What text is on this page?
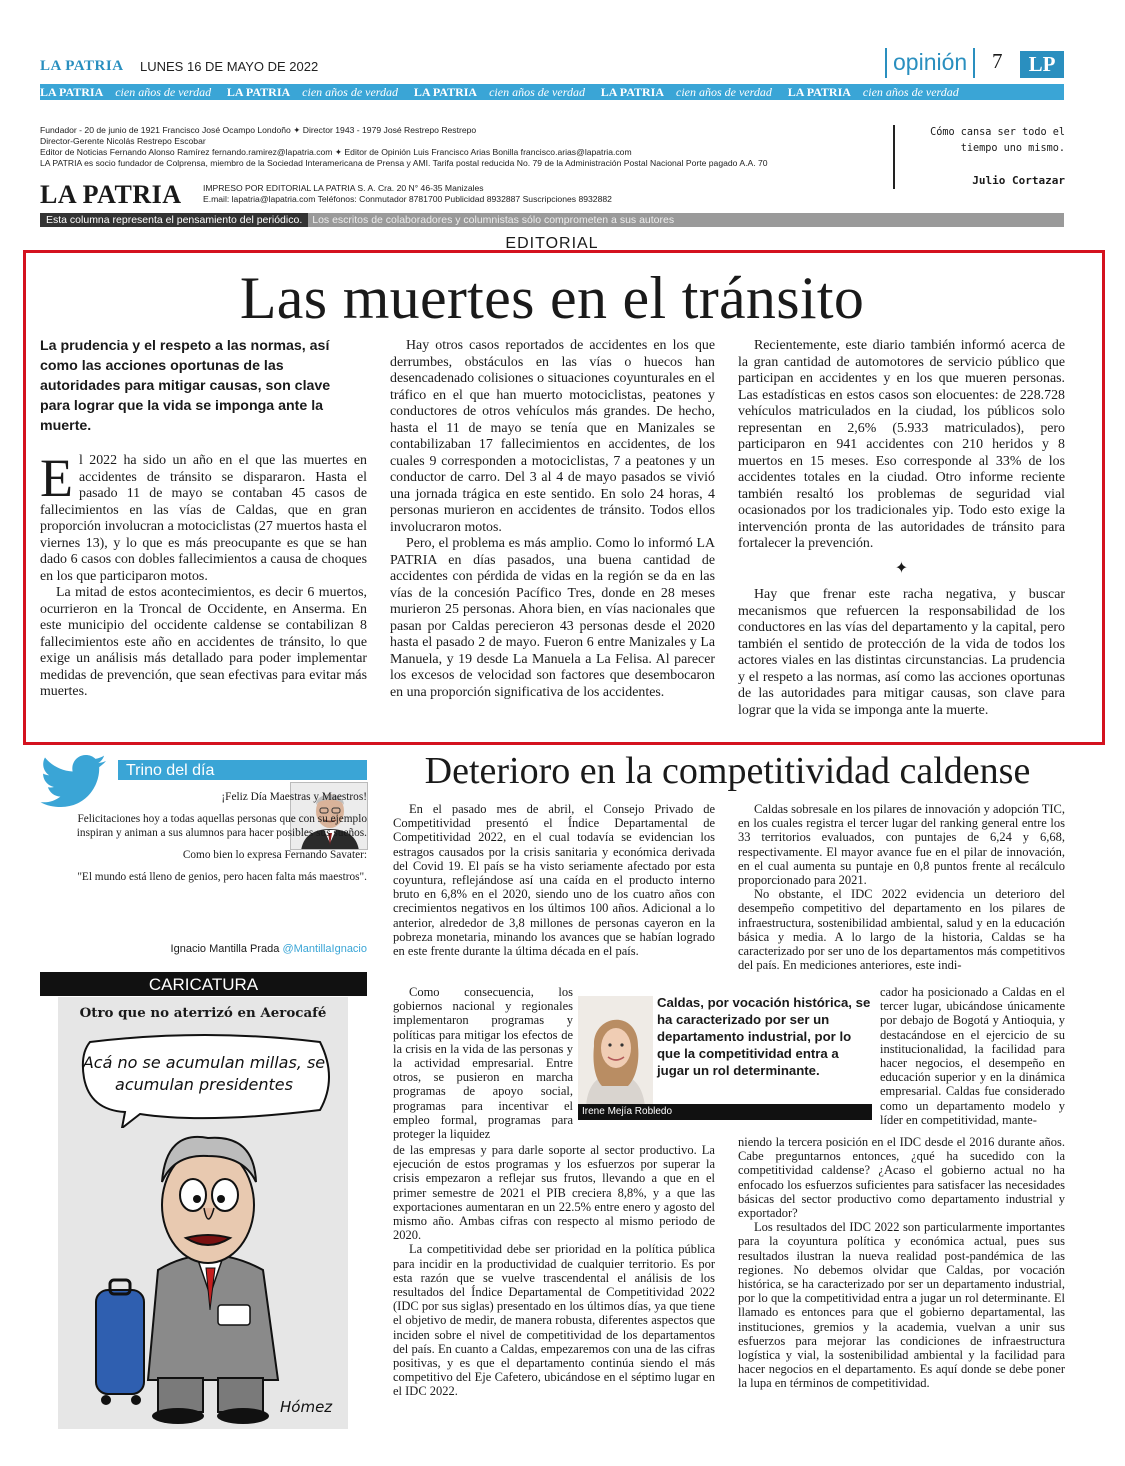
LA PATRIA LUNES 16 DE MAYO DE 2022	opinión	7	LP
LA PATRIA cien años de verdad LA PATRIA cien años de verdad LA PATRIA cien años de verdad LA PATRIA cien años de verdad LA PATRIA cien años de verdad
Fundador - 20 de junio de 1921 Francisco José Ocampo Londoño ✦ Director 1943 - 1979 José Restrepo Restrepo
Director-Gerente Nicolás Restrepo Escobar
Editor de Noticias Fernando Alonso Ramírez fernando.ramirez@lapatria.com ✦ Editor de Opinión Luis Francisco Arias Bonilla francisco.arias@lapatria.com
LA PATRIA es socio fundador de Colprensa, miembro de la Sociedad Interamericana de Prensa y AMI. Tarifa postal reducida No. 79 de la Administración Postal Nacional Porte pagado A.A. 70
LA PATRIA	IMPRESO POR EDITORIAL LA PATRIA S. A. Cra. 20 N° 46-35 Manizales
E.mail: lapatria@lapatria.com Teléfonos: Conmutador 8781700 Publicidad 8932887 Suscripciones 8932882
Cómo cansa ser todo el tiempo uno mismo.
Julio Cortazar
Esta columna representa el pensamiento del periódico. Los escritos de colaboradores y columnistas sólo comprometen a sus autores
EDITORIAL
Las muertes en el tránsito
La prudencia y el respeto a las normas, así como las acciones oportunas de las autoridades para mitigar causas, son clave para lograr que la vida se imponga ante la muerte.

El 2022 ha sido un año en el que las muertes en accidentes de tránsito se dispararon. Hasta el pasado 11 de mayo se contaban 45 casos de fallecimientos en las vías de Caldas, que en gran proporción involucran a motociclistas (27 muertos hasta el viernes 13), y lo que es más preocupante es que se han dado 6 casos con dobles fallecimientos a causa de choques en los que participaron motos.

La mitad de estos acontecimientos, es decir 6 muertos, ocurrieron en la Troncal de Occidente, en Anserma. En este municipio del occidente caldense se contabilizan 8 fallecimientos este año en accidentes de tránsito, lo que exige un análisis más detallado para poder implementar medidas de prevención, que sean efectivas para evitar más muertes.

Hay otros casos reportados de accidentes en los que derrumbes, obstáculos en las vías o huecos han desencadenado colisiones o situaciones coyunturales en el tráfico en el que han muerto motociclistas, peatones y conductores de otros vehículos más grandes. De hecho, hasta el 11 de mayo se tenía que en Manizales se contabilizaban 17 fallecimientos en accidentes, de los cuales 9 corresponden a motociclistas, 7 a peatones y un conductor de carro. Del 3 al 4 de mayo pasados se vivió una jornada trágica en este sentido. En solo 24 horas, 4 personas murieron en accidentes de tránsito. Todos ellos involucraron motos.

Pero, el problema es más amplio. Como lo informó LA PATRIA en días pasados, una buena cantidad de accidentes con pérdida de vidas en la región se da en las vías de la concesión Pacífico Tres, donde en 28 meses murieron 25 personas. Ahora bien, en vías nacionales que pasan por Caldas perecieron 43 personas desde el 2020 hasta el pasado 2 de mayo. Fueron 6 entre Manizales y La Manuela, y 19 desde La Manuela a La Felisa. Al parecer los excesos de velocidad son factores que desembocaron en una proporción significativa de los accidentes.

Recientemente, este diario también informó acerca de la gran cantidad de automotores de servicio público que participan en accidentes y en los que mueren personas. Las estadísticas en estos casos son elocuentes: de 228.728 vehículos matriculados en la ciudad, los públicos solo representan en 2,6% (5.933 matriculados), pero participaron en 941 accidentes con 210 heridos y 8 muertos en 15 meses. Eso corresponde al 33% de los accidentes totales en la ciudad. Otro informe reciente también resaltó los problemas de seguridad vial ocasionados por los tradicionales yip. Todo esto exige la intervención pronta de las autoridades de tránsito para fortalecer la prevención.

✦

Hay que frenar este racha negativa, y buscar mecanismos que refuercen la responsabilidad de los conductores en las vías del departamento y la capital, pero también el sentido de protección de la vida de todos los actores viales en las distintas circunstancias. La prudencia y el respeto a las normas, así como las acciones oportunas de las autoridades para mitigar causas, son clave para lograr que la vida se imponga ante la muerte.

Trino del día

¡Feliz Día Maestras y Maestros!

Felicitaciones hoy a todas aquellas personas que con su ejemplo inspiran y animan a sus alumnos para hacer posibles sus sueños.

Como bien lo expresa Fernando Savater:

"El mundo está lleno de genios, pero hacen falta más maestros".

Ignacio Mantilla Prada @MantillaIgnacio
CARICATURA
Otro que no aterrizó en Aerocafé
Acá no se acumulan millas, se acumulan presidentes
Hómez
Deterioro en la competitividad caldense

En el pasado mes de abril, el Consejo Privado de Competitividad presentó el Índice Departamental de Competitividad 2022, en el cual todavía se evidencian los estragos causados por la crisis sanitaria y económica derivada del Covid 19. El país se ha visto seriamente afectado por esta coyuntura, reflejándose así una caída en el producto interno bruto en 6,8% en el 2020, siendo uno de los cuatro años con crecimientos negativos en los últimos 100 años. Adicional a lo anterior, alrededor de 3,8 millones de personas cayeron en la pobreza monetaria, minando los avances que se habían logrado en este frente durante la última década en el país.

Como consecuencia, los gobiernos nacional y regionales implementaron programas y políticas para mitigar los efectos de la crisis en la vida de las personas y la actividad empresarial. Entre otros, se pusieron en marcha programas de apoyo social, programas para incentivar el empleo formal, programas para proteger la liquidez

Caldas, por vocación histórica, se ha caracterizado por ser un departamento industrial, por lo que la competitividad entra a jugar un rol determinante.
Irene Mejía Robledo

de las empresas y para darle soporte al sector productivo. La ejecución de estos programas y los esfuerzos por superar la crisis empezaron a reflejar sus frutos, llevando a que en el primer semestre de 2021 el PIB creciera 8,8%, y a que las exportaciones aumentaran en un 22.5% entre enero y agosto del mismo año. Ambas cifras con respecto al mismo periodo de 2020.

La competitividad debe ser prioridad en la política pública para incidir en la productividad de cualquier territorio. Es por esta razón que se vuelve trascendental el análisis de los resultados del Índice Departamental de Competitividad 2022 (IDC por sus siglas) presentado en los últimos días, ya que tiene el objetivo de medir, de manera robusta, diferentes aspectos que inciden sobre el nivel de competitividad de los departamentos del país. En cuanto a Caldas, empezaremos con una de las cifras positivas, y es que el departamento continúa siendo el más competitivo del Eje Cafetero, ubicándose en el séptimo lugar en el IDC 2022.

Caldas sobresale en los pilares de innovación y adopción TIC, en los cuales registra el tercer lugar del ranking general entre los 33 territorios evaluados, con puntajes de 6,24 y 6,68, respectivamente. El mayor avance fue en el pilar de innovación, en el cual aumenta su puntaje en 0,8 puntos frente al recálculo proporcionado para 2021.

No obstante, el IDC 2022 evidencia un deterioro del desempeño competitivo del departamento en los pilares de infraestructura, sostenibilidad ambiental, salud y en la educación básica y media. A lo largo de la historia, Caldas se ha caracterizado por ser uno de los departamentos más competitivos del país. En mediciones anteriores, este indi-

cador ha posicionado a Caldas en el tercer lugar, ubicándose únicamente por debajo de Bogotá y Antioquia, y destacándose en el ejercicio de su institucionalidad, la facilidad para hacer negocios, el desempeño en educación superior y en la dinámica empresarial. Caldas fue considerado como un departamento modelo y líder en competitividad, mante-

niendo la tercera posición en el IDC desde el 2016 durante años. Cabe preguntarnos entonces, ¿qué ha sucedido con la competitividad caldense? ¿Acaso el gobierno actual no ha enfocado los esfuerzos suficientes para satisfacer las necesidades básicas del sector productivo como departamento industrial y exportador?

Los resultados del IDC 2022 son particularmente importantes para la coyuntura política y económica actual, pues sus resultados ilustran la nueva realidad post-pandémica de las regiones. No debemos olvidar que Caldas, por vocación histórica, se ha caracterizado por ser un departamento industrial, por lo que la competitividad entra a jugar un rol determinante. El llamado es entonces para que el gobierno departamental, las instituciones, gremios y la academia, vuelvan a unir sus esfuerzos para mejorar las condiciones de infraestructura logística y vial, la sostenibilidad ambiental y la facilidad para hacer negocios en el departamento. Es aquí donde se debe poner la lupa en términos de competitividad.
